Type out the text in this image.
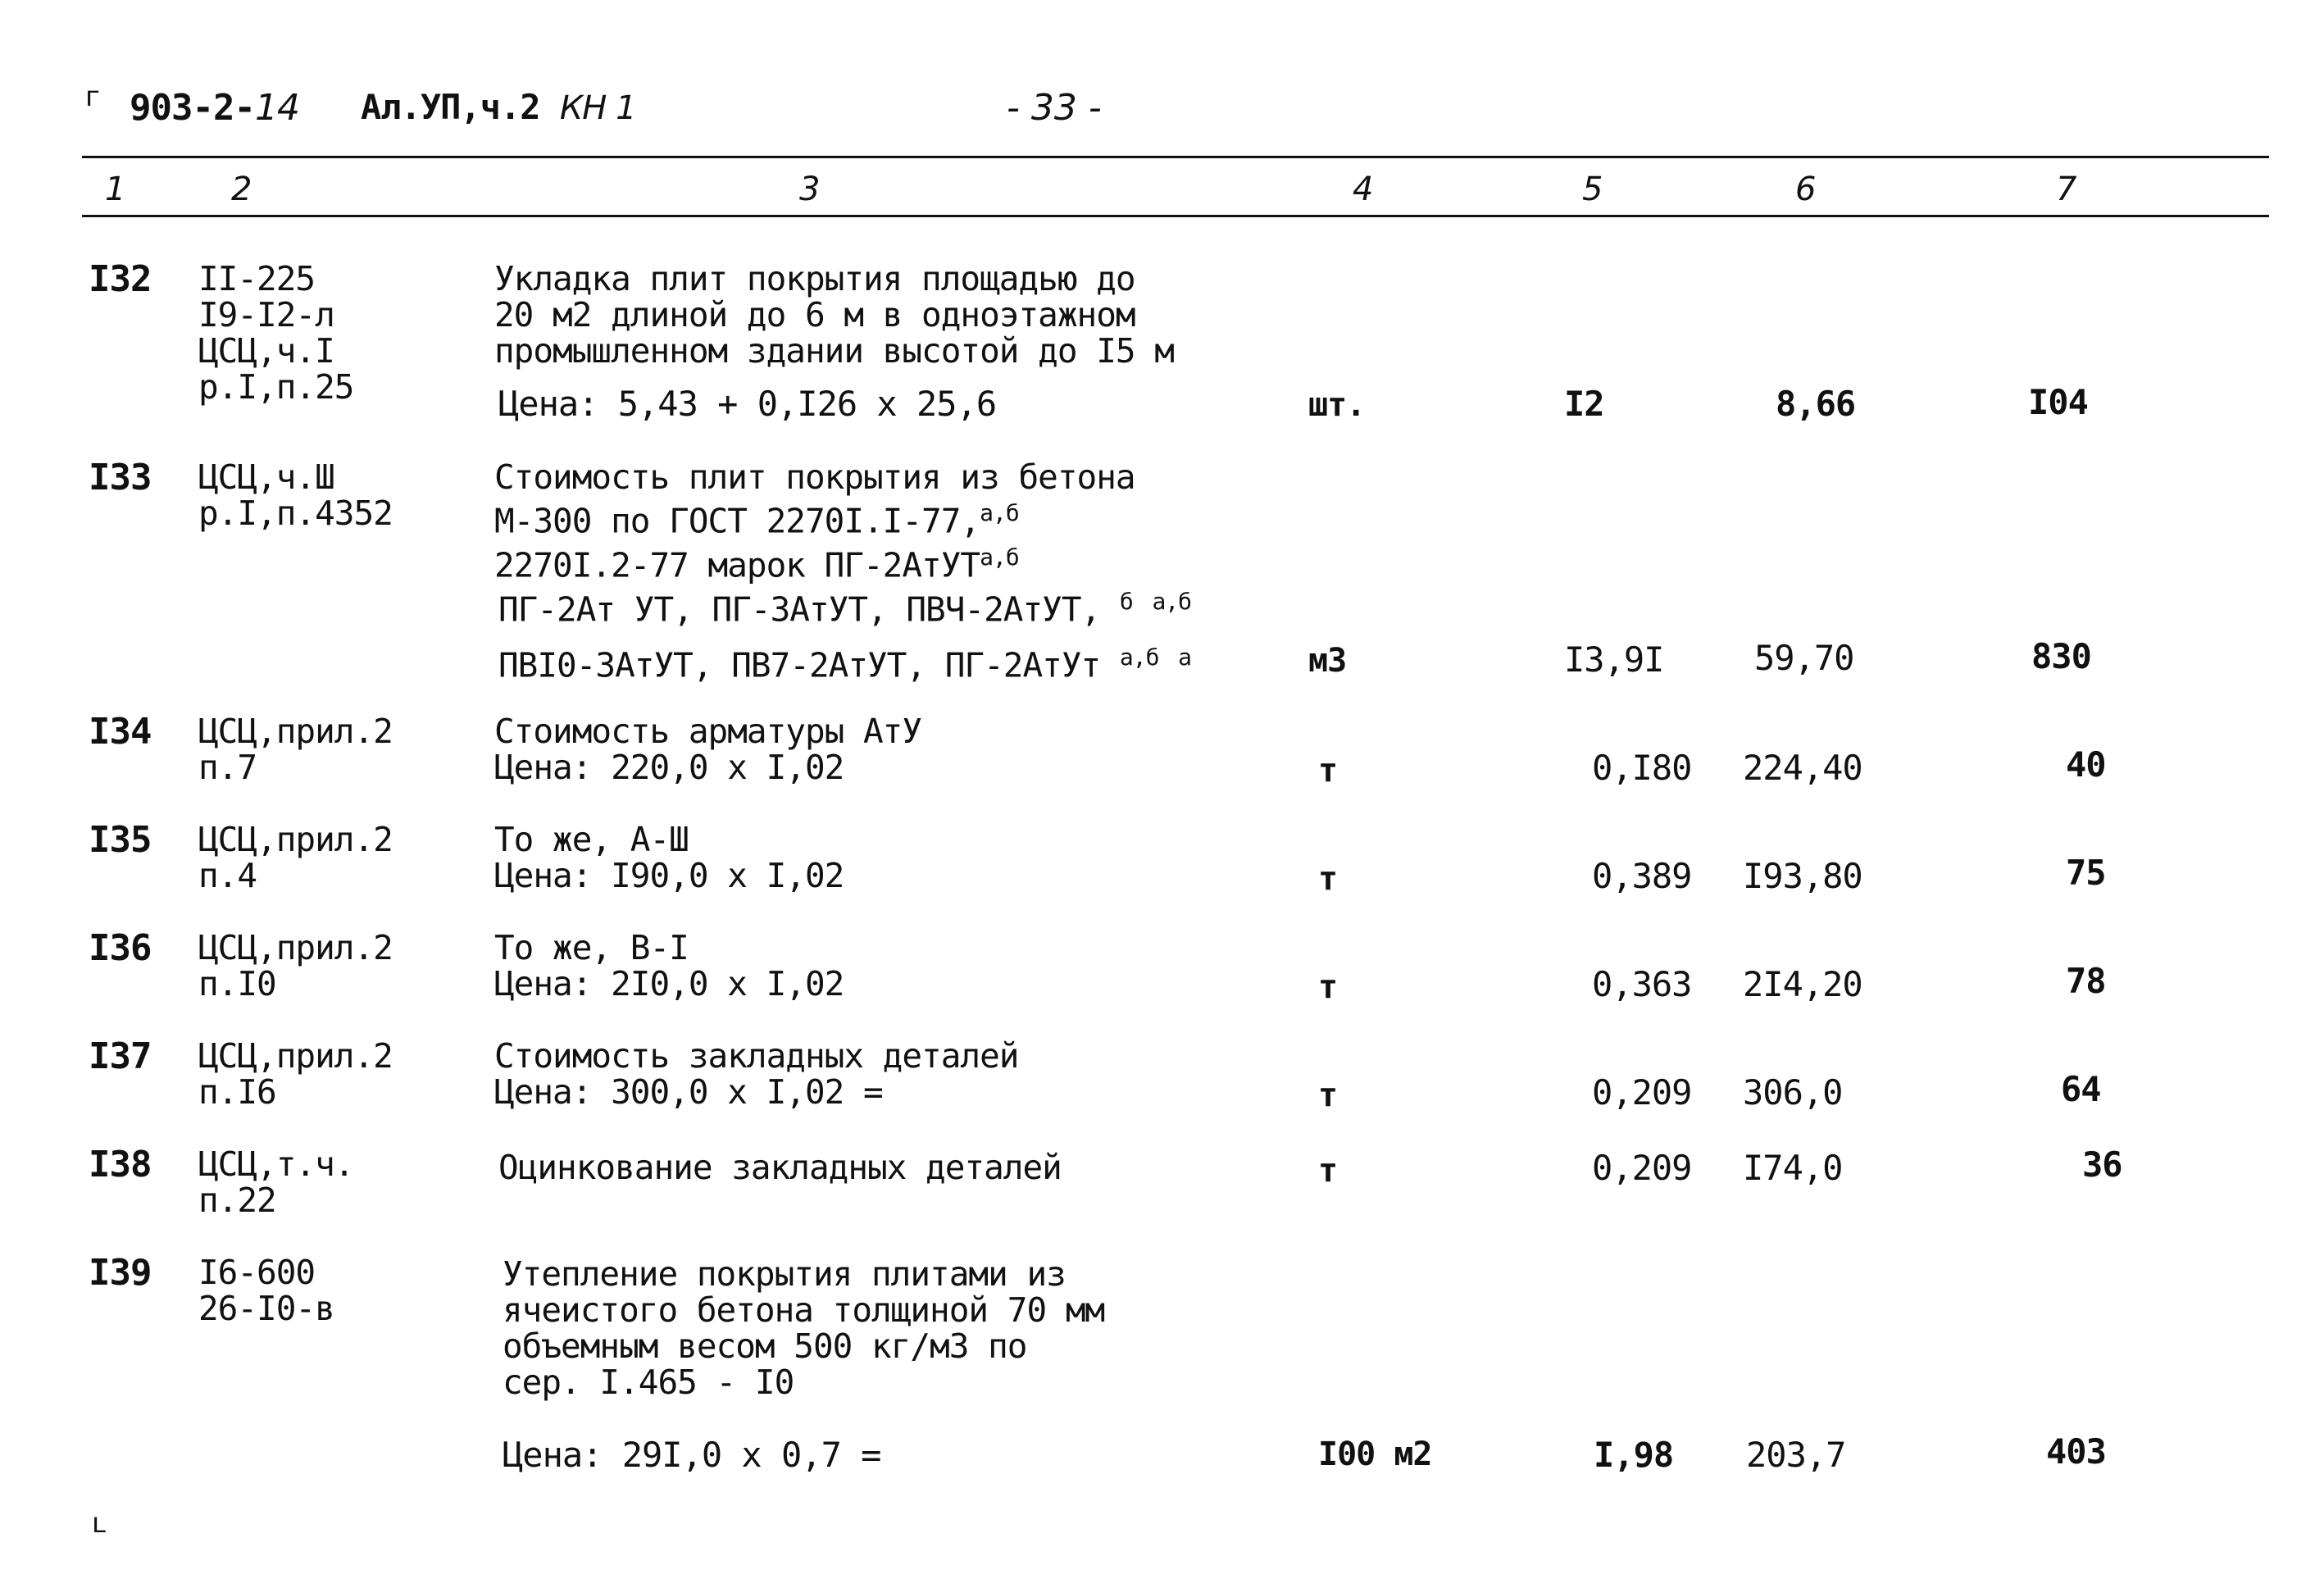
г
ʟ
903-2-14 Ал.УП,ч.2 КН 1	- 33 -
1	2	3	4	5	6	7
I32 II-225
I9-I2-л
ЦСЦ,ч.I
р.I,п.25
Укладка плит покрытия площадью до
20 м2 длиной до 6 м в одноэтажном
промышленном здании высотой до I5 м
Цена: 5,43 + 0,I26 x 25,6	шт.	I2	8,66	I04
I33 ЦСЦ,ч.Ш
р.I,п.4352
Стоимость плит покрытия из бетона
М-300 по ГОСТ 2270I.I-77,$^{а,б}$
2270I.2-77 марок ПГ-2АтУТ$^{а,б}$
ПГ-2Ат УТ, ПГ-3АтУТ, ПВЧ-2АтУТ, $^б$ $^{а,б}$
ПВI0-3АтУТ, ПВ7-2АтУТ, ПГ-2АтУт $^{а,б}$ $^а$	м3	I3,9I	59,70	830
I34 ЦСЦ,прил.2
п.7
Стоимость арматуры АтУ
Цена: 220,0 x I,02	т	0,I80 224,40	40
I35 ЦСЦ,прил.2
п.4
То же, А-Ш
Цена: I90,0 x I,02	т	0,389 I93,80	75
I36 ЦСЦ,прил.2
п.I0
То же, В-I
Цена: 2I0,0 x I,02	т	0,363 2I4,20	78
I37 ЦСЦ,прил.2
п.I6
Стоимость закладных деталей
Цена: 300,0 x I,02 =	т	0,209 306,0	64
I38 ЦСЦ,т.ч.
п.22
Оцинкование закладных деталей	т	0,209 I74,0	36
I39 I6-600
26-I0-в
Утепление покрытия плитами из
ячеистого бетона толщиной 70 мм
объемным весом 500 кг/м3 по
сер. I.465 - I0
Цена: 29I,0 x 0,7 =	I00 м2	I,98 203,7	403
